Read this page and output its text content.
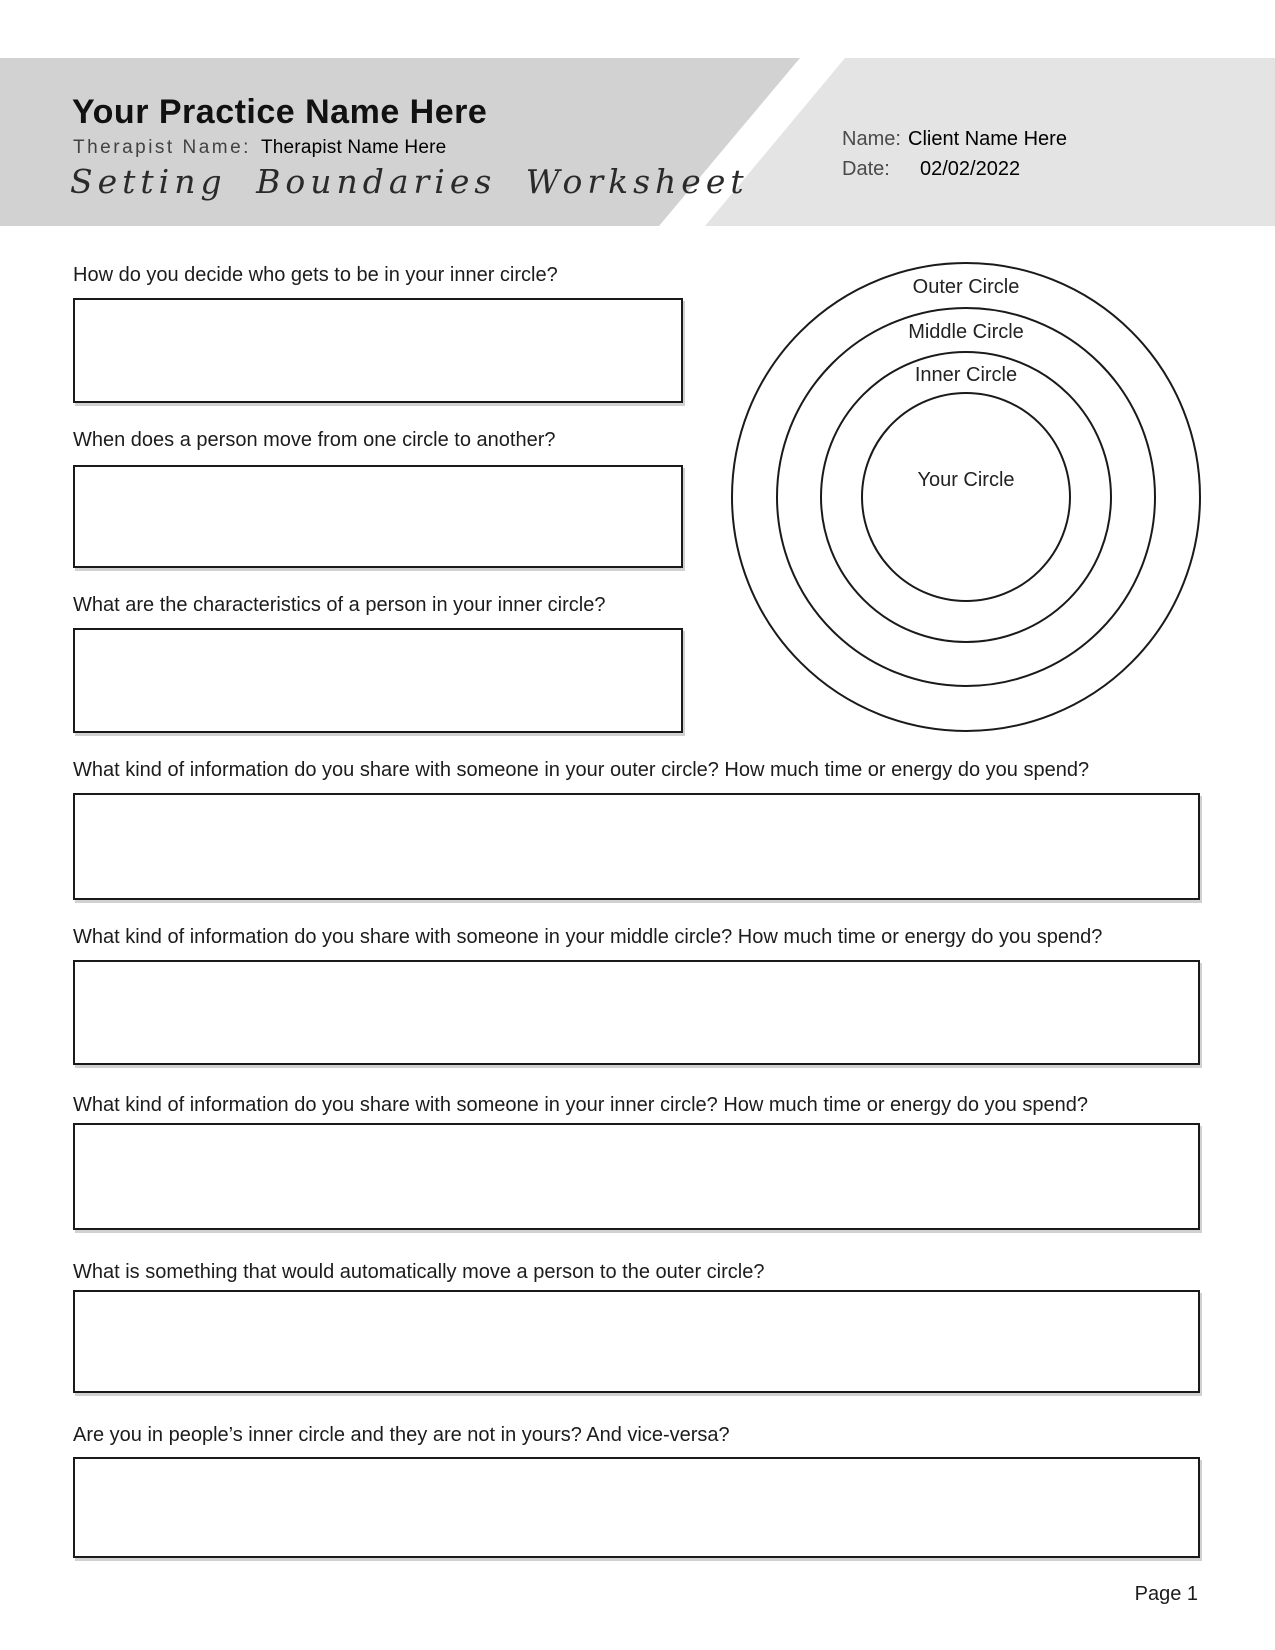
Your Practice Name Here
Therapist Name: Therapist Name Here
Setting Boundaries Worksheet
Name: Client Name Here
Date: 02/02/2022
Outer Circle
Middle Circle
Inner Circle
Your Circle
How do you decide who gets to be in your inner circle?
When does a person move from one circle to another?
What are the characteristics of a person in your inner circle?
What kind of information do you share with someone in your outer circle? How much time or energy do you spend?
What kind of information do you share with someone in your middle circle? How much time or energy do you spend?
What kind of information do you share with someone in your inner circle? How much time or energy do you spend?
What is something that would automatically move a person to the outer circle?
Are you in people’s inner circle and they are not in yours? And vice-versa?
Page 1
